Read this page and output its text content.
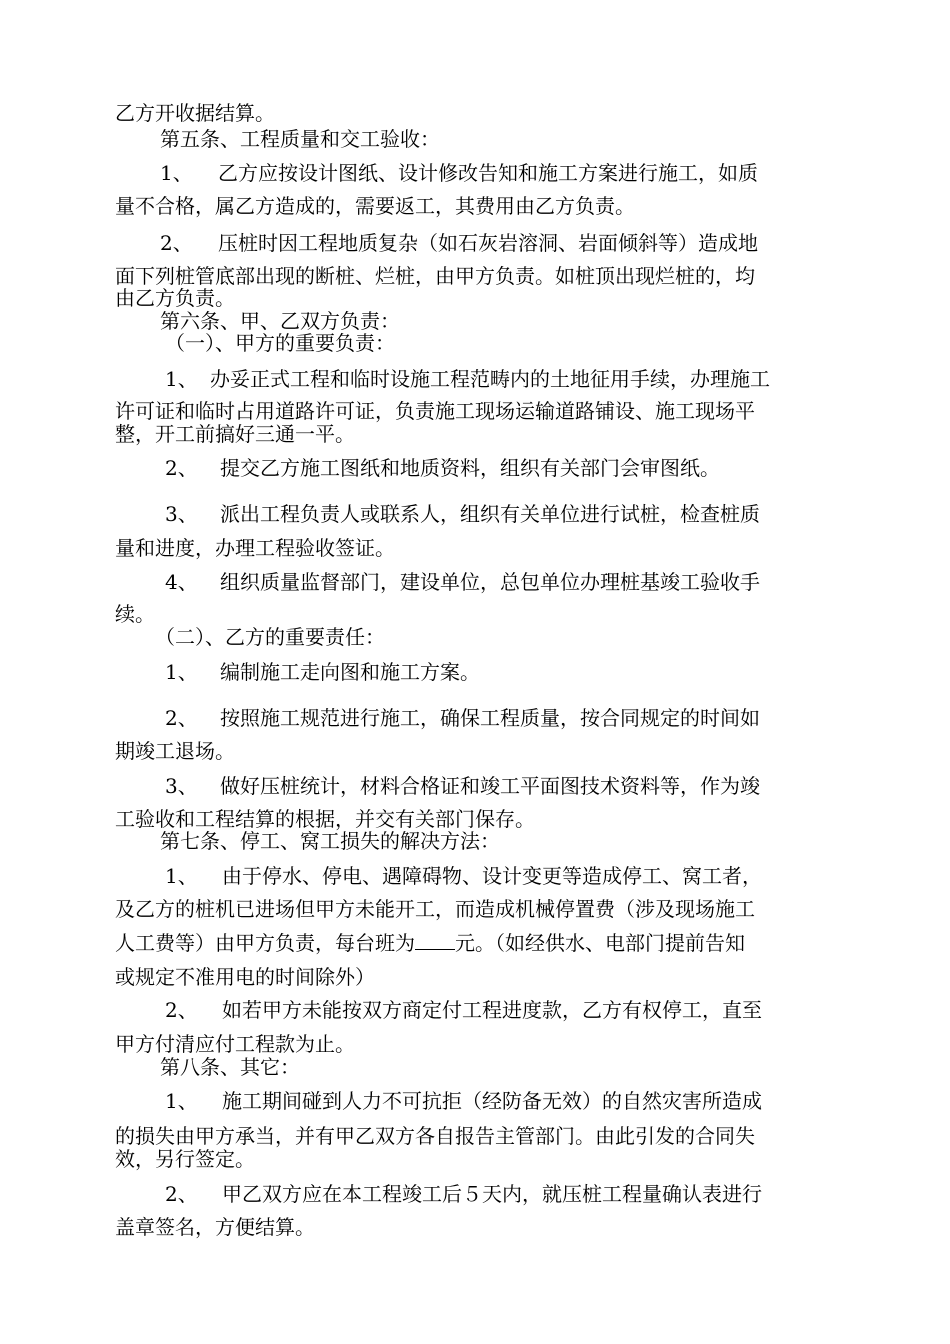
乙方开收据结算。
第五条、工程质量和交工验收：
1、 乙方应按设计图纸、设计修改告知和施工方案进行施工，如质
量不合格，属乙方造成的，需要返工，其费用由乙方负责。
2、 压桩时因工程地质复杂（如石灰岩溶洞、岩面倾斜等）造成地
面下列桩管底部出现的断桩、烂桩，由甲方负责。如桩顶出现烂桩的，均
由乙方负责。
第六条、甲、乙双方负责：
（一）、甲方的重要负责：
1、 办妥正式工程和临时设施工程范畴内的土地征用手续，办理施工
许可证和临时占用道路许可证，负责施工现场运输道路铺设、施工现场平
整，开工前搞好三通一平。
2、 提交乙方施工图纸和地质资料，组织有关部门会审图纸。
3、 派出工程负责人或联系人，组织有关单位进行试桩，检查桩质
量和进度，办理工程验收签证。
4、 组织质量监督部门，建设单位，总包单位办理桩基竣工验收手
续。
（二）、乙方的重要责任：
1、 编制施工走向图和施工方案。
2、 按照施工规范进行施工，确保工程质量，按合同规定的时间如
期竣工退场。
3、 做好压桩统计，材料合格证和竣工平面图技术资料等，作为竣
工验收和工程结算的根据，并交有关部门保存。
第七条、停工、窝工损失的解决方法：
1、 由于停水、停电、遇障碍物、设计变更等造成停工、窝工者，
及乙方的桩机已进场但甲方未能开工，而造成机械停置费（涉及现场施工
人工费等）由甲方负责，每台班为 元。（如经供水、电部门提前告知
或规定不准用电的时间除外）
2、 如若甲方未能按双方商定付工程进度款，乙方有权停工，直至
甲方付清应付工程款为止。
第八条、其它：
1、 施工期间碰到人力不可抗拒（经防备无效）的自然灾害所造成
的损失由甲方承当，并有甲乙双方各自报告主管部门。由此引发的合同失
效，另行签定。
2、 甲乙双方应在本工程竣工后５天内，就压桩工程量确认表进行
盖章签名，方便结算。
